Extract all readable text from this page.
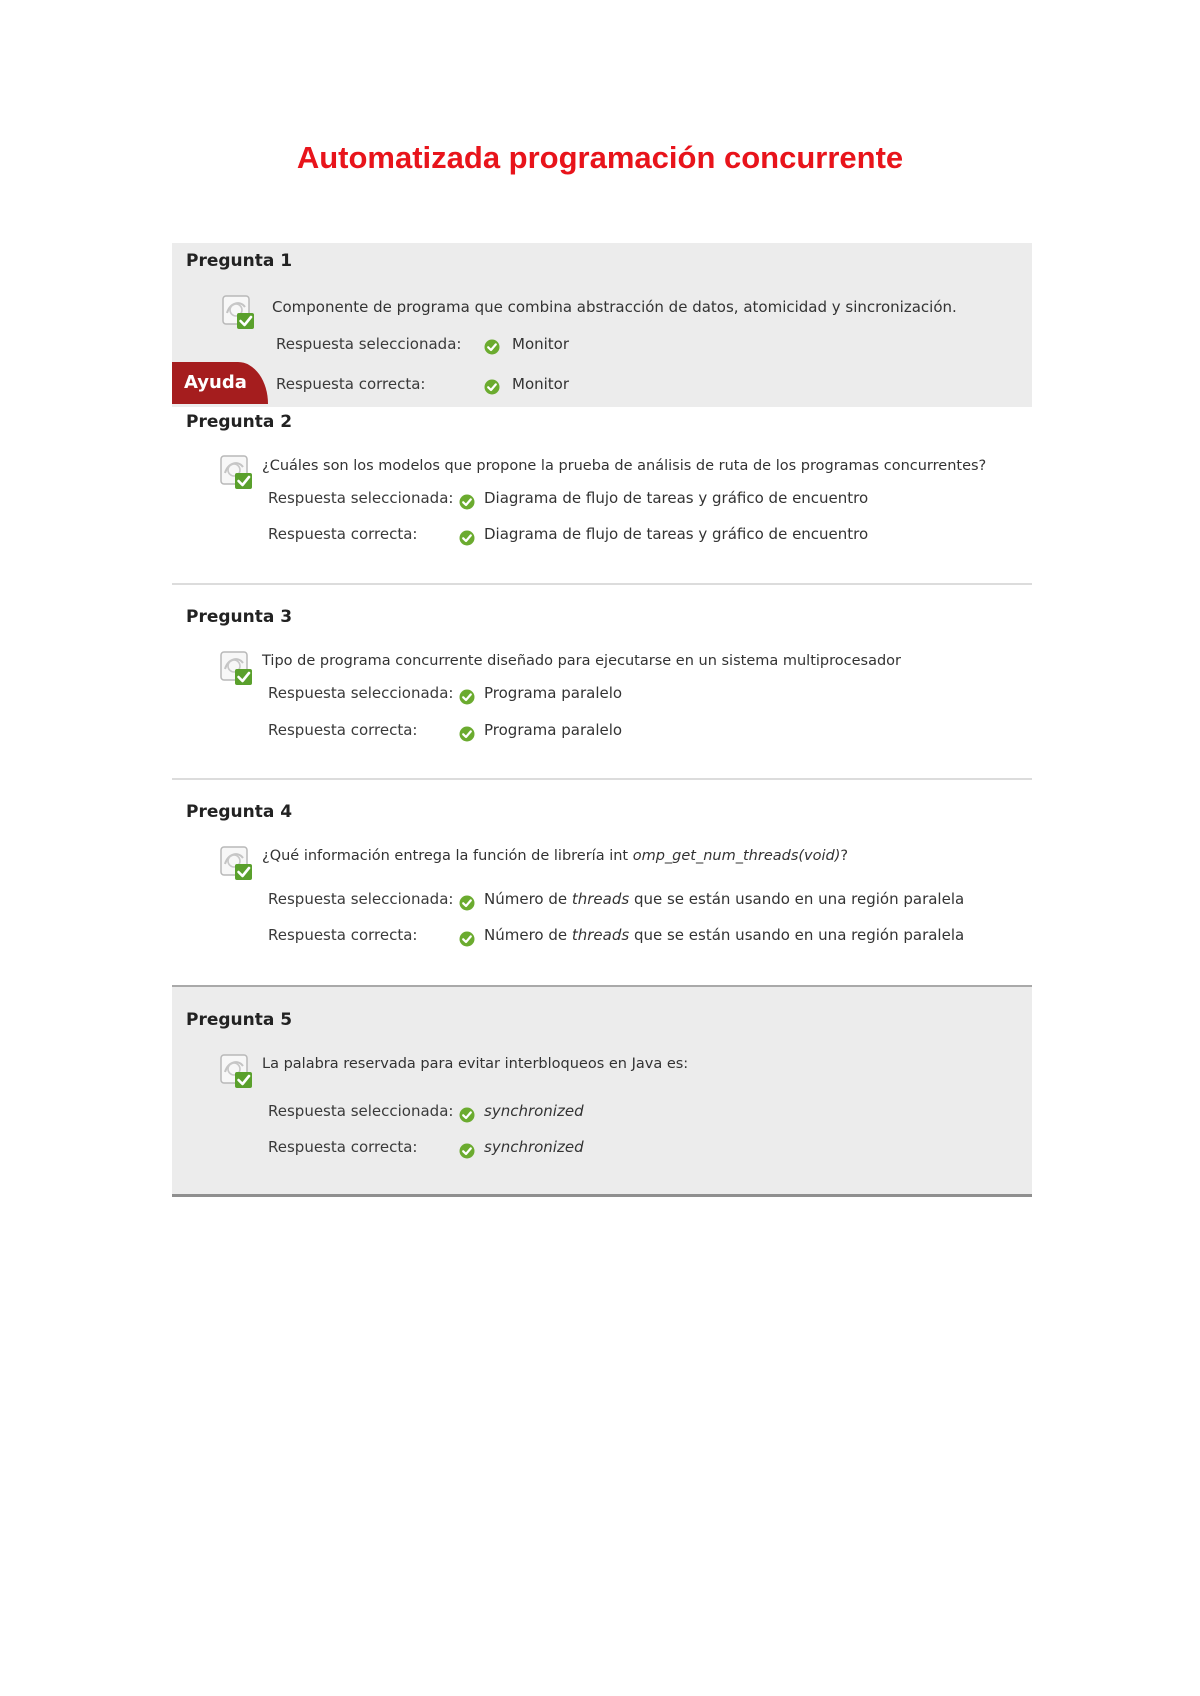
Automatizada programación concurrente
Pregunta 1
Componente de programa que combina abstracción de datos, atomicidad y sincronización.
Respuesta seleccionada:	Monitor
Respuesta correcta:	Monitor
Ayuda
Pregunta 2
¿Cuáles son los modelos que propone la prueba de análisis de ruta de los programas concurrentes?
Respuesta seleccionada: Diagrama de flujo de tareas y gráfico de encuentro
Respuesta correcta:	Diagrama de flujo de tareas y gráfico de encuentro
Pregunta 3
Tipo de programa concurrente diseñado para ejecutarse en un sistema multiprocesador
Respuesta seleccionada: Programa paralelo
Respuesta correcta:	Programa paralelo
Pregunta 4
¿Qué información entrega la función de librería int omp_get_num_threads(void)?
Respuesta seleccionada: Número de threads que se están usando en una región paralela
Respuesta correcta:	Número de threads que se están usando en una región paralela
Pregunta 5
La palabra reservada para evitar interbloqueos en Java es:
Respuesta seleccionada: synchronized
Respuesta correcta:	synchronized
